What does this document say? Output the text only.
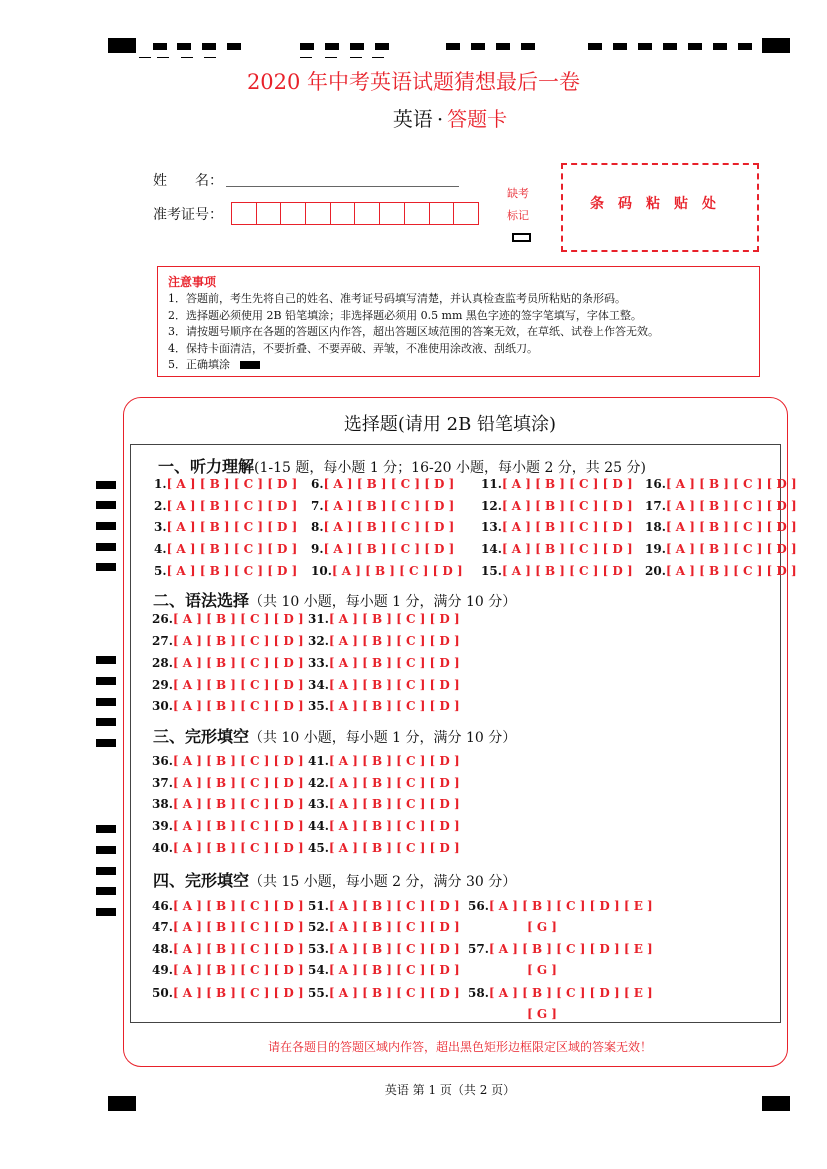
2020 年中考英语试题猜想最后一卷
英语 · 答题卡
姓　　名：
准考证号：
缺考
标记
条码粘贴处
注意事项
1．答题前，考生先将自己的姓名、准考证号码填写清楚，并认真检查监考员所粘贴的条形码。
2．选择题必须使用 2B 铅笔填涂；非选择题必须用 0.5 mm 黑色字迹的签字笔填写，字体工整。
3．请按题号顺序在各题的答题区内作答，超出答题区域范围的答案无效，在草纸、试卷上作答无效。
4．保持卡面清洁，不要折叠、不要弄破、弄皱，不准使用涂改液、刮纸刀。
5．正确填涂
选择题(请用 2B 铅笔填涂)
一、听力理解(1-15 题，每小题 1 分；16-20 小题，每小题 2 分，共 25 分)
二、语法选择（共 10 小题，每小题 1 分，满分 10 分）
三、完形填空（共 10 小题，每小题 1 分，满分 10 分）
四、完形填空（共 15 小题，每小题 2 分，满分 30 分）
1.[ A ] [ B ] [ C ] [ D ]
2.[ A ] [ B ] [ C ] [ D ]
3.[ A ] [ B ] [ C ] [ D ]
4.[ A ] [ B ] [ C ] [ D ]
5.[ A ] [ B ] [ C ] [ D ]
6.[ A ] [ B ] [ C ] [ D ]
7.[ A ] [ B ] [ C ] [ D ]
8.[ A ] [ B ] [ C ] [ D ]
9.[ A ] [ B ] [ C ] [ D ]
10.[ A ] [ B ] [ C ] [ D ]
11.[ A ] [ B ] [ C ] [ D ]
12.[ A ] [ B ] [ C ] [ D ]
13.[ A ] [ B ] [ C ] [ D ]
14.[ A ] [ B ] [ C ] [ D ]
15.[ A ] [ B ] [ C ] [ D ]
16.[ A ] [ B ] [ C ] [ D ]
17.[ A ] [ B ] [ C ] [ D ]
18.[ A ] [ B ] [ C ] [ D ]
19.[ A ] [ B ] [ C ] [ D ]
20.[ A ] [ B ] [ C ] [ D ]
26.[ A ] [ B ] [ C ] [ D ] 31.[ A ] [ B ] [ C ] [ D ]
27.[ A ] [ B ] [ C ] [ D ] 32.[ A ] [ B ] [ C ] [ D ]
28.[ A ] [ B ] [ C ] [ D ] 33.[ A ] [ B ] [ C ] [ D ]
29.[ A ] [ B ] [ C ] [ D ] 34.[ A ] [ B ] [ C ] [ D ]
30.[ A ] [ B ] [ C ] [ D ] 35.[ A ] [ B ] [ C ] [ D ]
36.[ A ] [ B ] [ C ] [ D ] 41.[ A ] [ B ] [ C ] [ D ]
37.[ A ] [ B ] [ C ] [ D ] 42.[ A ] [ B ] [ C ] [ D ]
38.[ A ] [ B ] [ C ] [ D ] 43.[ A ] [ B ] [ C ] [ D ]
39.[ A ] [ B ] [ C ] [ D ] 44.[ A ] [ B ] [ C ] [ D ]
40.[ A ] [ B ] [ C ] [ D ] 45.[ A ] [ B ] [ C ] [ D ]
46.[ A ] [ B ] [ C ] [ D ] 51.[ A ] [ B ] [ C ] [ D ]
47.[ A ] [ B ] [ C ] [ D ] 52.[ A ] [ B ] [ C ] [ D ]
48.[ A ] [ B ] [ C ] [ D ] 53.[ A ] [ B ] [ C ] [ D ]
49.[ A ] [ B ] [ C ] [ D ] 54.[ A ] [ B ] [ C ] [ D ]
50.[ A ] [ B ] [ C ] [ D ] 55.[ A ] [ B ] [ C ] [ D ]
56.[ A ] [ B ] [ C ] [ D ] [ E ]
[ G ]
57.[ A ] [ B ] [ C ] [ D ] [ E ]
[ G ]
58.[ A ] [ B ] [ C ] [ D ] [ E ]
[ G ]
请在各题目的答题区域内作答，超出黑色矩形边框限定区域的答案无效！
英语 第 1 页（共 2 页）
